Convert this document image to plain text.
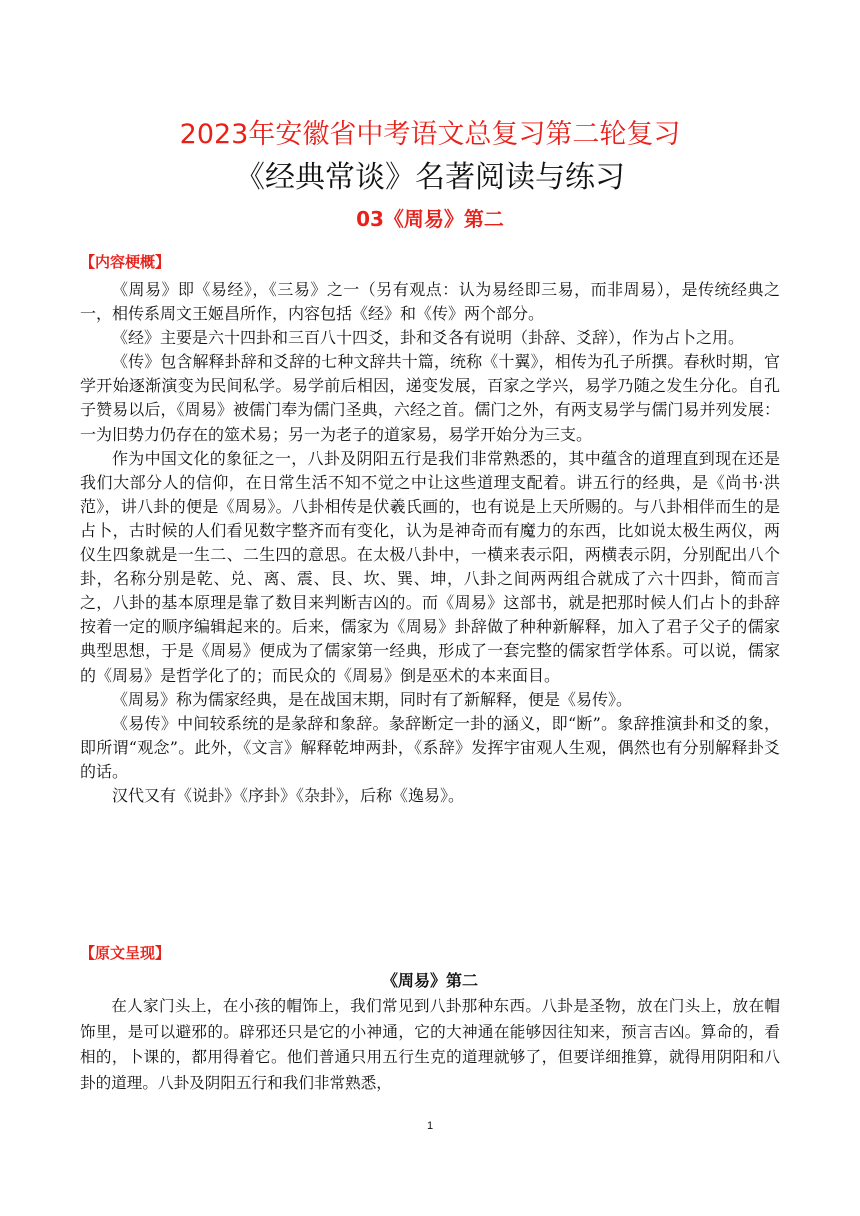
2023年安徽省中考语文总复习第二轮复习
《经典常谈》名著阅读与练习
03《周易》第二
【内容梗概】

《周易》即《易经》，《三易》之一（另有观点：认为易经即三易，而非周易），是传统经典之一，相传系周文王姬昌所作，内容包括《经》和《传》两个部分。

《经》主要是六十四卦和三百八十四爻，卦和爻各有说明（卦辞、爻辞），作为占卜之用。

《传》包含解释卦辞和爻辞的七种文辞共十篇，统称《十翼》，相传为孔子所撰。春秋时期，官学开始逐渐演变为民间私学。易学前后相因，递变发展，百家之学兴，易学乃随之发生分化。自孔子赞易以后，《周易》被儒门奉为儒门圣典，六经之首。儒门之外，有两支易学与儒门易并列发展：一为旧势力仍存在的筮术易；另一为老子的道家易，易学开始分为三支。

作为中国文化的象征之一，八卦及阴阳五行是我们非常熟悉的，其中蕴含的道理直到现在还是我们大部分人的信仰，在日常生活不知不觉之中让这些道理支配着。讲五行的经典，是《尚书·洪范》，讲八卦的便是《周易》。八卦相传是伏羲氏画的，也有说是上天所赐的。与八卦相伴而生的是占卜，古时候的人们看见数字整齐而有变化，认为是神奇而有魔力的东西，比如说太极生两仪，两仪生四象就是一生二、二生四的意思。在太极八卦中，一横来表示阳，两横表示阴，分别配出八个卦，名称分别是乾、兑、离、震、艮、坎、巽、坤，八卦之间两两组合就成了六十四卦，简而言之，八卦的基本原理是靠了数目来判断吉凶的。而《周易》这部书，就是把那时候人们占卜的卦辞按着一定的顺序编辑起来的。后来，儒家为《周易》卦辞做了种种新解释，加入了君子父子的儒家典型思想，于是《周易》便成为了儒家第一经典，形成了一套完整的儒家哲学体系。可以说，儒家的《周易》是哲学化了的；而民众的《周易》倒是巫术的本来面目。

《周易》称为儒家经典，是在战国末期，同时有了新解释，便是《易传》。

《易传》中间较系统的是彖辞和象辞。彖辞断定一卦的涵义，即“断”。象辞推演卦和爻的象，即所谓“观念”。此外，《文言》解释乾坤两卦，《系辞》发挥宇宙观人生观，偶然也有分别解释卦爻的话。

汉代又有《说卦》《序卦》《杂卦》，后称《逸易》。

【原文呈现】
《周易》第二

在人家门头上，在小孩的帽饰上，我们常见到八卦那种东西。八卦是圣物，放在门头上，放在帽饰里，是可以避邪的。辟邪还只是它的小神通，它的大神通在能够因往知来，预言吉凶。算命的，看相的，卜课的，都用得着它。他们普通只用五行生克的道理就够了，但要详细推算，就得用阴阳和八卦的道理。八卦及阴阳五行和我们非常熟悉，

1
